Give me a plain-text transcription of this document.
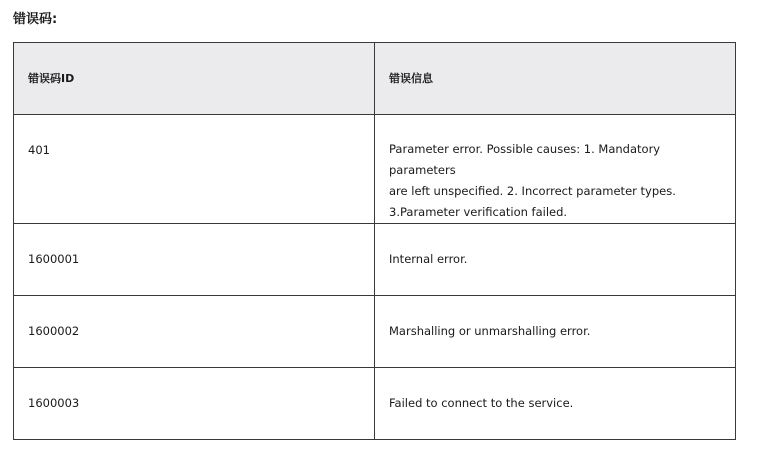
错误码:
错误码ID	错误信息
401	Parameter error. Possible causes: 1. Mandatory parameters
are left unspecified. 2. Incorrect parameter types.
3.Parameter verification failed.

1600001	Internal error.
1600002	Marshalling or unmarshalling error.
1600003	Failed to connect to the service.
